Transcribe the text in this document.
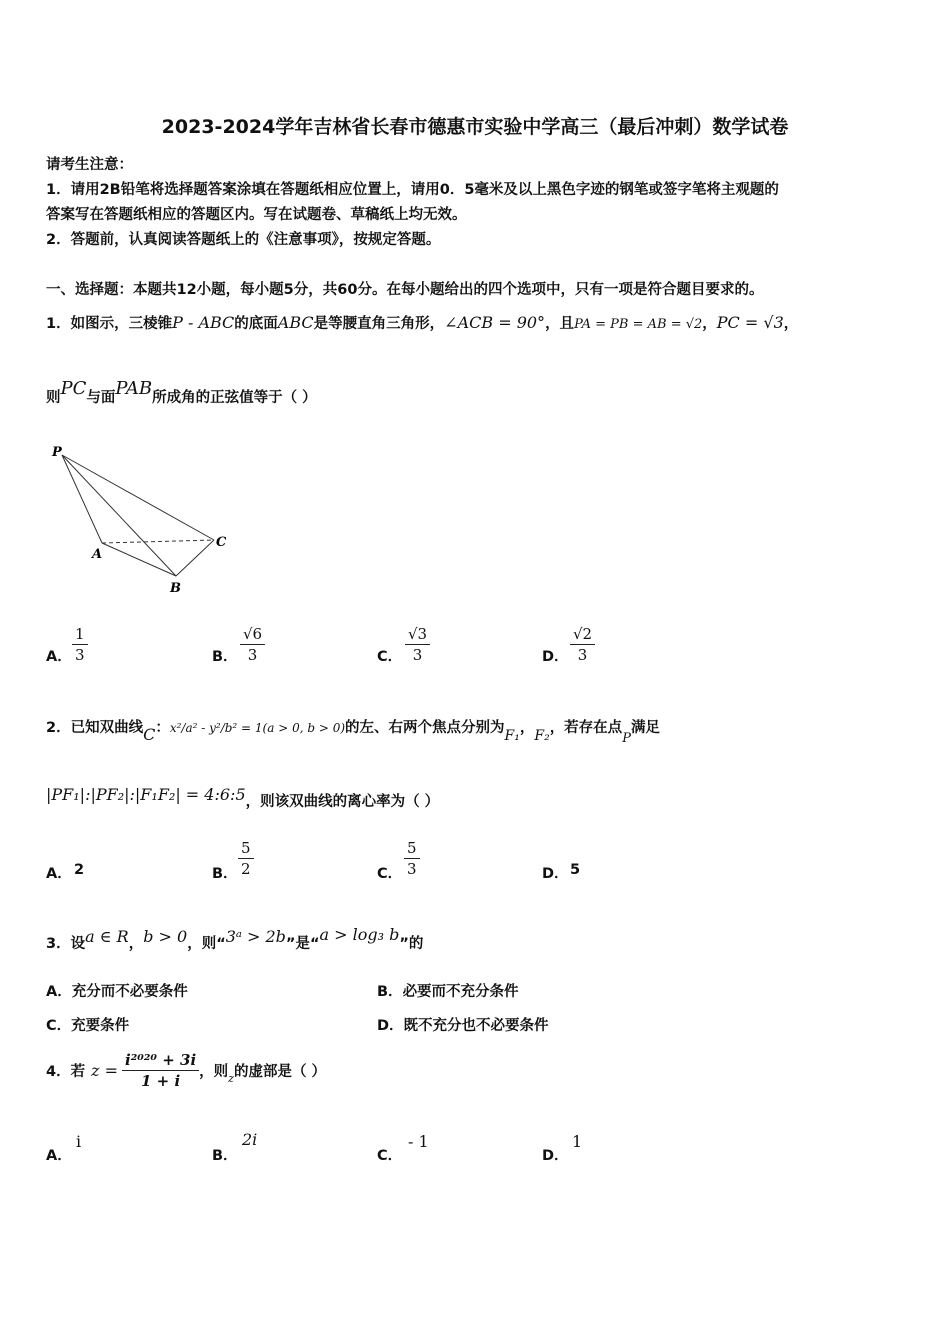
2023-2024学年吉林省长春市德惠市实验中学高三（最后冲刺）数学试卷
请考生注意：
1．请用2B铅笔将选择题答案涂填在答题纸相应位置上，请用0．5毫米及以上黑色字迹的钢笔或签字笔将主观题的
答案写在答题纸相应的答题区内。写在试题卷、草稿纸上均无效。
2．答题前，认真阅读答题纸上的《注意事项》，按规定答题。
一、选择题：本题共12小题，每小题5分，共60分。在每小题给出的四个选项中，只有一项是符合题目要求的。
1．如图示，三棱锥P - ABC的底面ABC是等腰直角三角形，∠ACB = 90°，且PA = PB = AB = √2，PC = √3，
则PC与面PAB所成角的正弦值等于（ ）
P
A
B
C
A． $\frac{1}{3}$	B． $\frac{√6}{3}$	C． $\frac{√3}{3}$	D． $\frac{√2}{3}$
2．已知双曲线C：x²/a² - y²/b² = 1(a > 0, b > 0)的左、右两个焦点分别为F₁，F₂，若存在点P满足
|PF₁|:|PF₂|:|F₁F₂| = 4:6:5，则该双曲线的离心率为（ ）
A． 2	B． $\frac{5}{2}$	C． $\frac{5}{3}$	D． 5
3．设a ∈ R，b > 0，则“3ᵃ > 2b”是“a > log₃ b”的
A．充分而不必要条件	B．必要而不充分条件
C．充要条件	D．既不充分也不必要条件
4．若 $z = \frac{\text{i²⁰²⁰ + 3i}}{1 + i}$ ，则 z 的虚部是（ ）
A．
i
B．
2i
C．
- 1
D．
1
